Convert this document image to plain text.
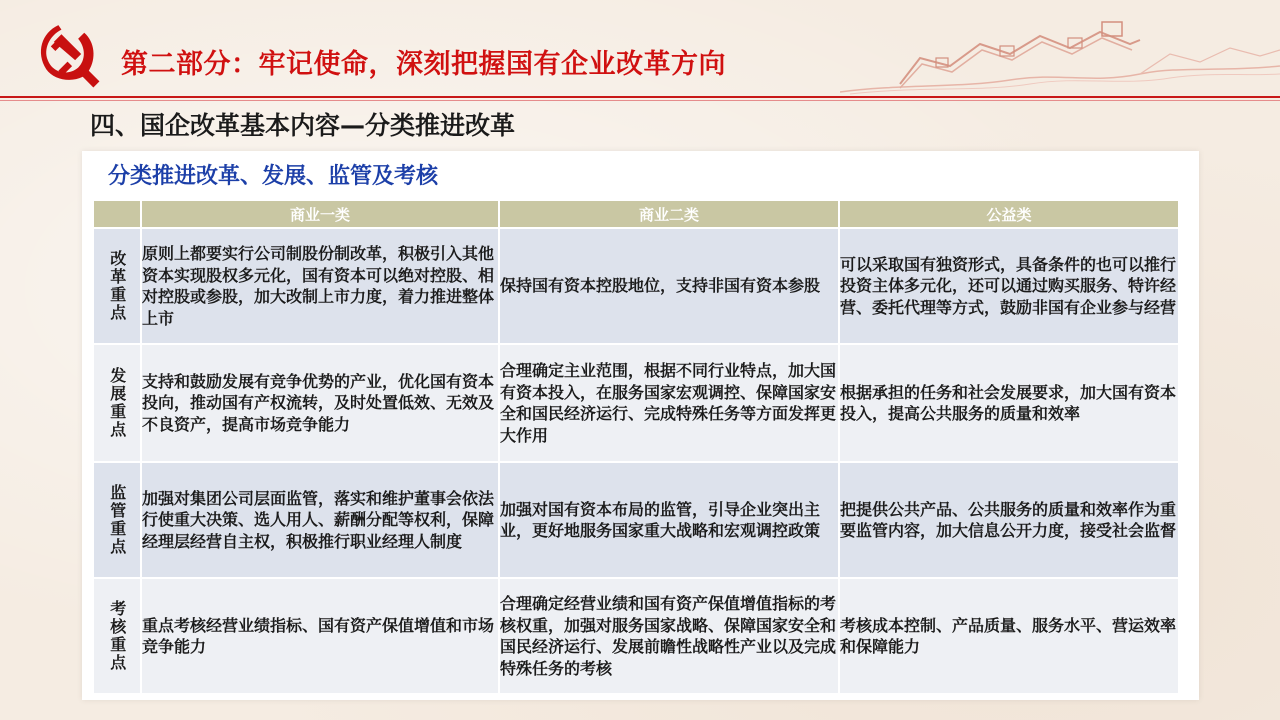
第二部分：牢记使命，深刻把握国有企业改革方向
四、国企改革基本内容—分类推进改革
分类推进改革、发展、监管及考核
	商业一类	商业二类	公益类
改革重点	原则上都要实行公司制股份制改革，积极引入其他资本实现股权多元化，国有资本可以绝对控股、相对控股或参股，加大改制上市力度，着力推进整体上市	保持国有资本控股地位，支持非国有资本参股	可以采取国有独资形式，具备条件的也可以推行投资主体多元化，还可以通过购买服务、特许经营、委托代理等方式，鼓励非国有企业参与经营
发展重点	支持和鼓励发展有竞争优势的产业，优化国有资本投向，推动国有产权流转，及时处置低效、无效及不良资产，提高市场竞争能力	合理确定主业范围，根据不同行业特点，加大国有资本投入，在服务国家宏观调控、保障国家安全和国民经济运行、完成特殊任务等方面发挥更大作用	根据承担的任务和社会发展要求，加大国有资本投入，提高公共服务的质量和效率
监管重点	加强对集团公司层面监管，落实和维护董事会依法行使重大决策、选人用人、薪酬分配等权利，保障经理层经营自主权，积极推行职业经理人制度	加强对国有资本布局的监管，引导企业突出主业，更好地服务国家重大战略和宏观调控政策	把提供公共产品、公共服务的质量和效率作为重要监管内容，加大信息公开力度，接受社会监督
考核重点	重点考核经营业绩指标、国有资产保值增值和市场竞争能力	合理确定经营业绩和国有资产保值增值指标的考核权重，加强对服务国家战略、保障国家安全和国民经济运行、发展前瞻性战略性产业以及完成特殊任务的考核	考核成本控制、产品质量、服务水平、营运效率和保障能力
